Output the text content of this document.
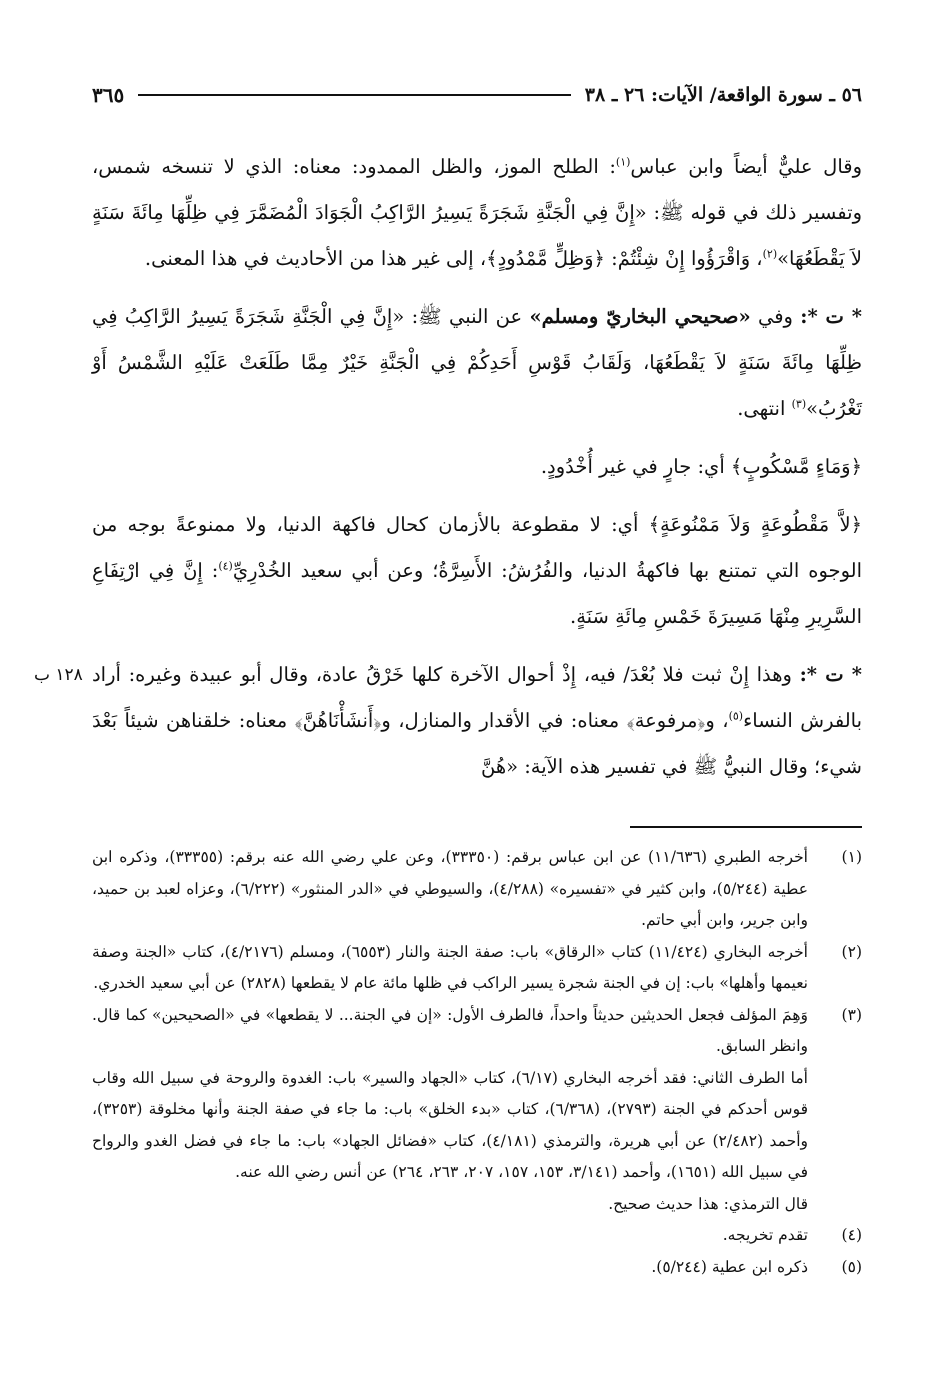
٥٦ ـ سورة الواقعة/ الآيات: ٢٦ ـ ٣٨
٣٦٥

وقال عليٌّ أيضاً وابن عباس$^{(١)}$: الطلح الموز، والظل الممدود: معناه: الذي لا تنسخه شمس، وتفسير ذلك في قوله ﷺ: «إِنَّ فِي الْجَنَّةِ شَجَرَةً يَسِيرُ الرَّاكِبُ الْجَوَادَ الْمُضَمَّرَ فِي ظِلِّهَا مِائَةَ سَنَةٍ لاَ يَقْطَعُهَا»$^{(٢)}$، وَاقْرَؤُوا إِنْ شِئْتُمْ: ﴿وَظِلٍّ مَّمْدُودٍ﴾، إلى غير هذا من الأحاديث في هذا المعنى.

* ت *: وفي «صحيحي البخاريّ ومسلم» عن النبي ﷺ: «إِنَّ فِي الْجَنَّةِ شَجَرَةً يَسِيرُ الرَّاكِبُ فِي ظِلِّهَا مِائَةَ سَنَةٍ لاَ يَقْطَعُهَا، وَلَقَابُ قَوْسِ أَحَدِكُمْ فِي الْجَنَّةِ خَيْرٌ مِمَّا طَلَعَتْ عَلَيْهِ الشَّمْسُ أَوْ تَغْرُبُ»$^{(٣)}$ انتهى.

﴿وَمَاءٍ مَّسْكُوبٍ﴾ أي: جارٍ في غير أُخْدُودٍ.

﴿لاَّ مَقْطُوعَةٍ وَلاَ مَمْنُوعَةٍ﴾ أي: لا مقطوعة بالأزمان كحال فاكهة الدنيا، ولا ممنوعةً بوجه من الوجوه التي تمتنع بها فاكهةُ الدنيا، والفُرُشُ: الأَسِرَّةُ؛ وعن أبي سعيد الخُدْرِيِّ$^{(٤)}$: إِنَّ فِي ارْتِفَاعِ السَّرِيرِ مِنْهَا مَسِيرَةَ خَمْسِ مِائَةِ سَنَةٍ.

١٢٨ ب	* ت *: وهذا إِنْ ثبت فلا بُعْدَ/ فيه، إِذْ أحوال الآخرة كلها خَرْقُ عادة، وقال أبو عبيدة وغيره: أراد بالفرش النساء$^{(٥)}$، و﴿مرفوعة﴾ معناه: في الأقدار والمنازل، و﴿أَنشَأْنَاهُنَّ﴾ معناه: خلقناهن شيئاً بَعْدَ شيء؛ وقال النبيُّ ﷺ في تفسير هذه الآية: «هُنَّ

(١)

أخرجه الطبري (١١/٦٣٦) عن ابن عباس برقم: (٣٣٣٥٠)، وعن علي رضي الله عنه برقم: (٣٣٣٥٥)، وذكره ابن عطية (٥/٢٤٤)، وابن كثير في «تفسيره» (٤/٢٨٨)، والسيوطي في «الدر المنثور» (٦/٢٢٢)، وعزاه لعبد بن حميد، وابن جرير، وابن أبي حاتم.

(٢)

أخرجه البخاري (١١/٤٢٤) كتاب «الرقاق» باب: صفة الجنة والنار (٦٥٥٣)، ومسلم (٤/٢١٧٦)، كتاب «الجنة وصفة نعيمها وأهلها» باب: إن في الجنة شجرة يسير الراكب في ظلها مائة عام لا يقطعها (٢٨٢٨) عن أبي سعيد الخدري.

(٣)

وَهِمَ المؤلف فجعل الحديثين حديثاً واحداً، فالطرف الأول: «إن في الجنة... لا يقطعها» في «الصحيحين» كما قال. وانظر السابق.

أما الطرف الثاني: فقد أخرجه البخاري (٦/١٧)، كتاب «الجهاد والسير» باب: الغدوة والروحة في سبيل الله وقاب قوس أحدكم في الجنة (٢٧٩٣)، (٦/٣٦٨)، كتاب «بدء الخلق» باب: ما جاء في صفة الجنة وأنها مخلوقة (٣٢٥٣)، وأحمد (٢/٤٨٢) عن أبي هريرة، والترمذي (٤/١٨١)، كتاب «فضائل الجهاد» باب: ما جاء في فضل الغدو والرواح في سبيل الله (١٦٥١)، وأحمد (٣/١٤١، ١٥٣، ١٥٧، ٢٠٧، ٢٦٣، ٢٦٤) عن أنس رضي الله عنه.

قال الترمذي: هذا حديث صحيح.

(٤)

تقدم تخريجه.

(٥)

ذكره ابن عطية (٥/٢٤٤).
